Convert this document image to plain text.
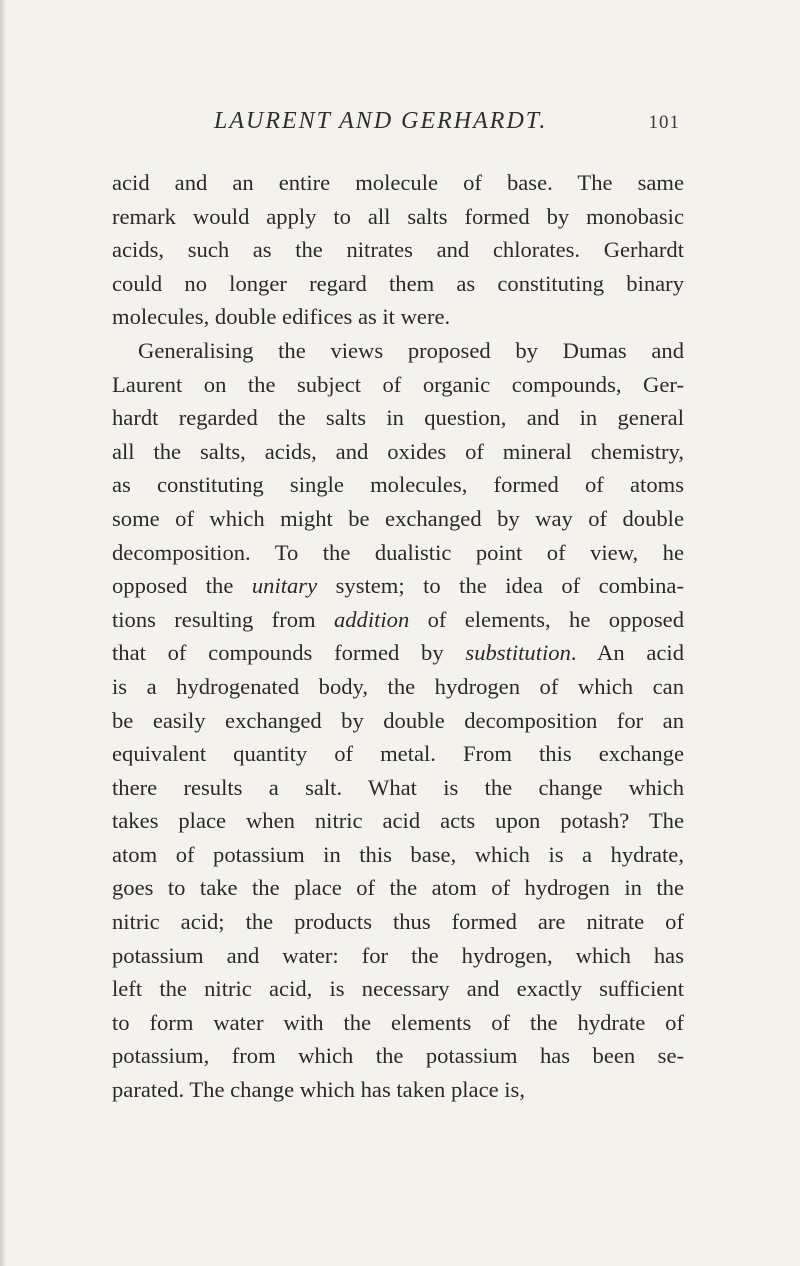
LAURENT AND GERHARDT.	101
acid and an entire molecule of base. The same
remark would apply to all salts formed by monobasic
acids, such as the nitrates and chlorates. Gerhardt
could no longer regard them as constituting binary
molecules, double edifices as it were.
Generalising the views proposed by Dumas and
Laurent on the subject of organic compounds, Ger-
hardt regarded the salts in question, and in general
all the salts, acids, and oxides of mineral chemistry,
as constituting single molecules, formed of atoms
some of which might be exchanged by way of double
decomposition. To the dualistic point of view, he
opposed the unitary system; to the idea of combina-
tions resulting from addition of elements, he opposed
that of compounds formed by substitution. An acid
is a hydrogenated body, the hydrogen of which can
be easily exchanged by double decomposition for an
equivalent quantity of metal. From this exchange
there results a salt. What is the change which
takes place when nitric acid acts upon potash? The
atom of potassium in this base, which is a hydrate,
goes to take the place of the atom of hydrogen in the
nitric acid; the products thus formed are nitrate of
potassium and water: for the hydrogen, which has
left the nitric acid, is necessary and exactly sufficient
to form water with the elements of the hydrate of
potassium, from which the potassium has been se-
parated. The change which has taken place is,
